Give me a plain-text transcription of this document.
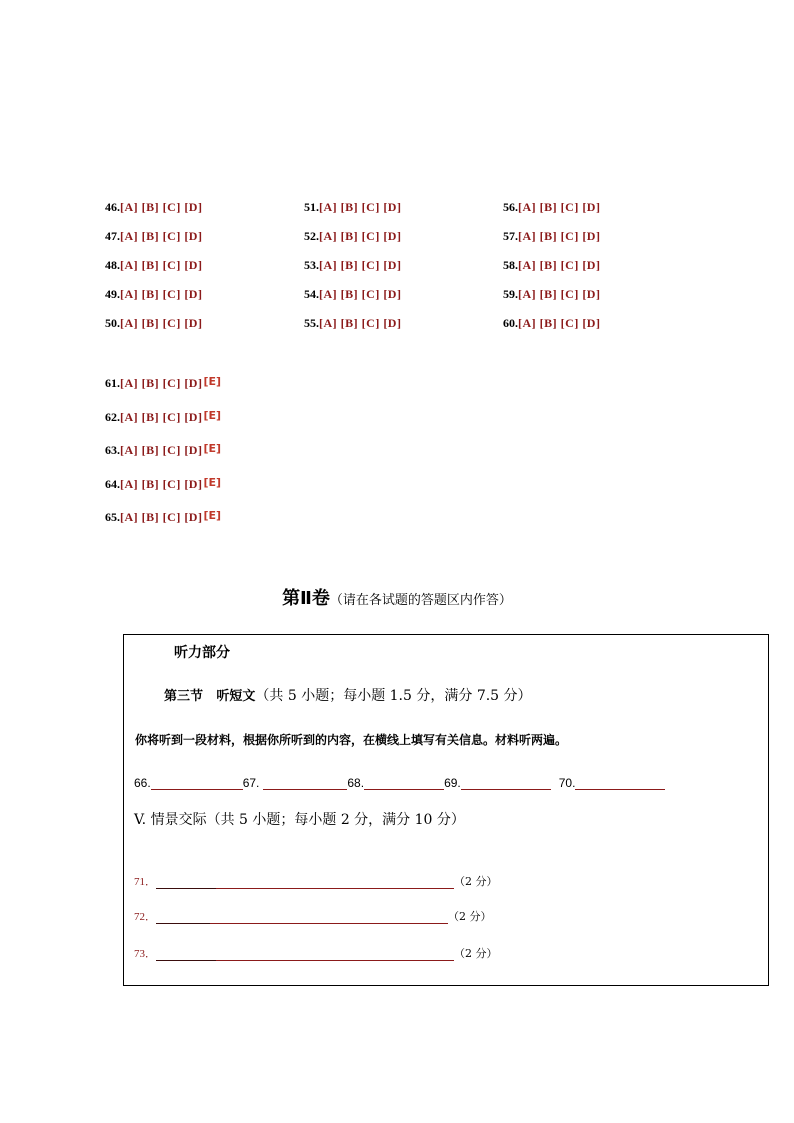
46.[A] [B] [C] [D]
47.[A] [B] [C] [D]
48.[A] [B] [C] [D]
49.[A] [B] [C] [D]
50.[A] [B] [C] [D]
51.[A] [B] [C] [D]
52.[A] [B] [C] [D]
53.[A] [B] [C] [D]
54.[A] [B] [C] [D]
55.[A] [B] [C] [D]
56.[A] [B] [C] [D]
57.[A] [B] [C] [D]
58.[A] [B] [C] [D]
59.[A] [B] [C] [D]
60.[A] [B] [C] [D]
61.[A] [B] [C] [D][E]
62.[A] [B] [C] [D][E]
63.[A] [B] [C] [D][E]
64.[A] [B] [C] [D][E]
65.[A] [B] [C] [D][E]
第Ⅱ卷（请在各试题的答题区内作答）
听力部分
第三节 听短文（共 5 小题；每小题 1.5 分，满分 7.5 分）
你将听到一段材料，根据你所听到的内容，在横线上填写有关信息。材料听两遍。
66.	67.	68.	69.	70.
V. 情景交际（共 5 小题；每小题 2 分，满分 10 分）
71．	（2 分）
72．	（2 分）
73．	（2 分）
